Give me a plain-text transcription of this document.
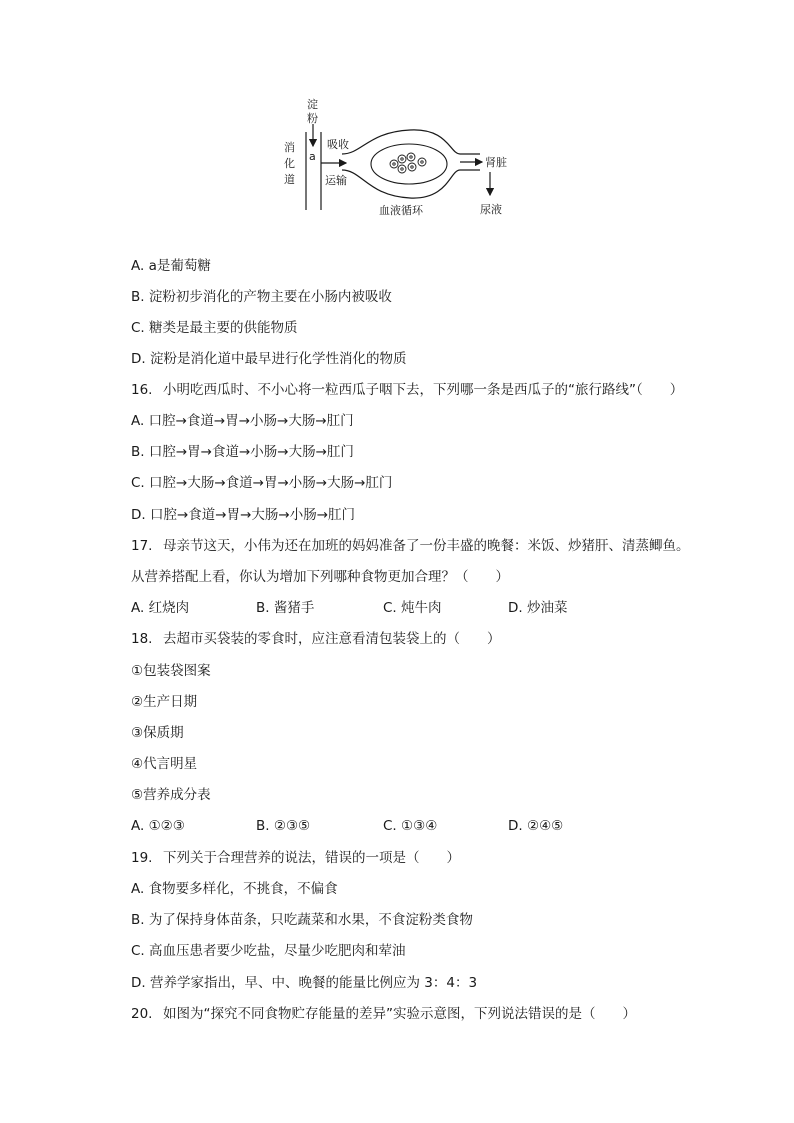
淀
粉
消
化
道
a
吸收
运输
肾脏
血液循环	尿液
A. a是葡萄糖
B. 淀粉初步消化的产物主要在小肠内被吸收
C. 糖类是最主要的供能物质
D. 淀粉是消化道中最早进行化学性消化的物质
16. 小明吃西瓜时、不小心将一粒西瓜子咽下去，下列哪一条是西瓜子的“旅行路线”（　　）
A. 口腔→食道→胃→小肠→大肠→肛门
B. 口腔→胃→食道→小肠→大肠→肛门
C. 口腔→大肠→食道→胃→小肠→大肠→肛门
D. 口腔→食道→胃→大肠→小肠→肛门
17. 母亲节这天，小伟为还在加班的妈妈准备了一份丰盛的晚餐：米饭、炒猪肝、清蒸鲫鱼。
从营养搭配上看，你认为增加下列哪种食物更加合理？（　　）
A. 红烧肉	B. 酱猪手	C. 炖牛肉	D. 炒油菜
18. 去超市买袋装的零食时，应注意看清包装袋上的（　　）
①包装袋图案
②生产日期
③保质期
④代言明星
⑤营养成分表
A. ①②③	B. ②③⑤	C. ①③④	D. ②④⑤
19. 下列关于合理营养的说法，错误的一项是（　　）
A. 食物要多样化，不挑食，不偏食
B. 为了保持身体苗条，只吃蔬菜和水果，不食淀粉类食物
C. 高血压患者要少吃盐，尽量少吃肥肉和荤油
D. 营养学家指出，早、中、晚餐的能量比例应为 3：4：3
20. 如图为“探究不同食物贮存能量的差异”实验示意图，下列说法错误的是（　　）
